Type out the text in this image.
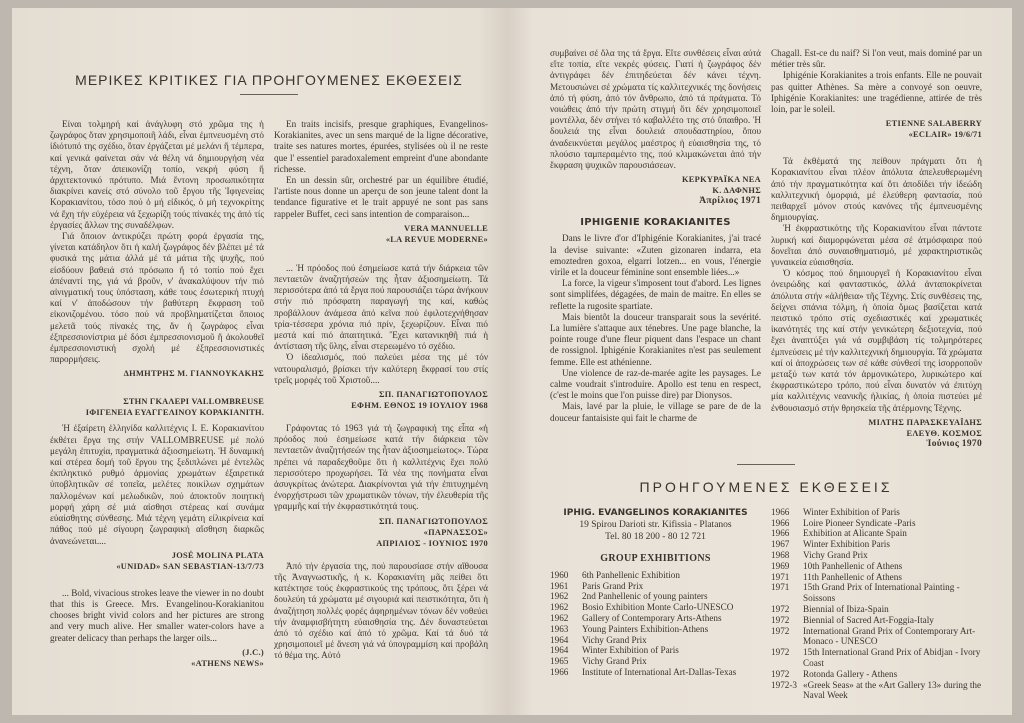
ΜΕΡΙΚΕΣ ΚΡΙΤΙΚΕΣ ΓΙΑ ΠΡΟΗΓΟΥΜΕΝΕΣ ΕΚΘΕΣΕΙΣ

Είναι τολμηρή καί ἀνάγλυφη στό χρῶμα της ἡ ζωγράφος ὅταν χρησιμοποιῆ λάδι, εἶναι ἐμπνευσμένη στό ἰδιότυπό της σχέδιο, ὅταν ἐργάζεται μέ μελάνι ἤ τέμπερα, καί γενικά φαίνεται σάν νά θέλη νά δημιουργήση νέα τέχνη, ὅταν ἀπεικονίζη τοπίο, νεκρή φύση ἤ ἀρχιτεκτονικό πρότυπο. Μιά ἔντονη προσωπικότητα διακρίνει κανείς στό σύνολο τοῦ ἔργου τῆς Ἰφιγενείας Κορακιανίτου, τόσο πού ὁ μή εἰδικός, ὁ μή τεχνοκρίτης νά ἔχη τήν εὐχέρεια νά ξεχωρίζη τούς πίνακές της ἀπό τίς ἐργασίες ἄλλων της συναδέλφων.

Γιά ὅποιον ἀντικρύζει πρώτη φορά ἐργασία της, γίνεται κατάδηλον ὅτι ἡ καλή ζωγράφος δέν βλέπει μέ τά φυσικά της μάτια ἀλλά μέ τά μάτια τῆς ψυχῆς, πού εἰσδύουν βαθειά στό πρόσωπο ἤ τό τοπίο πού ἔχει ἀπέναντί της, γιά νά βροῦν, ν' ἀνακαλύψουν τήν πιό αἰνιγματική τους ὑπόσταση, κάθε τους ἐσωτερική πτυχή καί ν' ἀποδώσουν τήν βαθύτερη ἔκφραση τοῦ εἰκονιζομένου. τόσο πού νά προβληματίζεται ὅποιος μελετᾶ τούς πίνακές της, ἄν ἡ ζωγράφος εἶναι ἐξπρεσσιονίστρια μέ δόσι ἐμπρεσσιονισμοῦ ἤ ἀκολουθεῖ ἐμπρεσσιονιστική σχολή μέ ἐξπρεσσιονιστικές παρορμήσεις.

ΔΗΜΗΤΡΗΣ Μ. ΓΙΑΝΝΟΥΚΑΚΗΣ
ΣΤΗΝ ΓΚΑΛΕΡΙ VALLOMBREUSE
ΙΦΙΓΕΝΕΙΑ ΕΥΑΓΓΕΛΙΝΟΥ ΚΟΡΑΚΙΑΝΙΤΗ.

Ἡ ἐξαίρετη ἑλληνίδα καλλιτέχνις Ι. Ε. Κορακιανίτου ἐκθέτει ἔργα της στήν VALLOMBREUSE μέ πολύ μεγάλη ἐπιτυχία, πραγματικά ἀξιοσημείωτη. Ἡ δυναμική καί στέρεα δομή τοῦ ἔργου της ξεδιπλώνει μέ ἐντελῶς ἐκπληκτικό ρυθμό ἁρμονίας χρωμάτων ἐξαιρετικά ὑποβλητικῶν σέ τοπεῖα, μελέτες ποικίλων σχημάτων παλλομένων καί μελωδικῶν, πού ἀποκτοῦν ποιητική μορφή χάρη σέ μιά αἰσθησι στέρεας καί συνάμα εὐαίσθητης σύνθεσης. Μιά τέχνη γεμάτη εἰλικρίνεια καί πάθος πού μέ σίγουρη ζωγραφική αἴσθηση διαρκῶς ἀνανεώνεται....

JOSÉ MOLINA PLATA
«UNIDAD» SAN SEBASTIAN-13/7/73

... Bold, vivacious strokes leave the viewer in no doubt that this is Greece. Mrs. Evangelinou-Korakianitou chooses bright vivid colors and her pictures are strong and very much alive. Her smaller water-colors have a greater delicacy than perhaps the larger oils...

(J.C.)
«ATHENS NEWS»

En traits incisifs, presque graphiques, Evangelinos-Korakianites, avec un sens marqué de la ligne décorative, traite ses natures mortes, épurées, stylisées où il ne reste que l' essentiel paradoxalement empreint d'une abondante richesse.

En un dessin sûr, orchestré par un équilibre étudié, l'artiste nous donne un aperçu de son jeune talent dont la tendance figurative et le trait appuyé ne sont pas sans rappeler Buffet, ceci sans intention de comparaison...

VERA MANNUELLE
«LA REVUE MODERNE»

... Ἡ πρόοδος πού ἐσημείωσε κατά τήν διάρκεια τῶν πενταετῶν ἀναζητήσεών της ἦταν ἀξιοσημείωτη. Τά περισσότερα ἀπό τά ἔργα πού παρουσιάζει τώρα ἀνήκουν στήν πιό πρόσφατη παραγωγή της καί, καθώς προβάλλουν ἀνάμεσα ἀπό κεῖνα πού ἐφιλοτεχνήθησαν τρία-τέσσερα χρόνια πιό πρίν, ξεχωρίζουν. Εἶναι πιό μεστά καί πιό ἀπαιτητικά. Ἔχει κατανικηθῆ πιά ἡ ἀντίσταση τῆς ὕλης, εἶναι στερεωμένο τό σχέδιο.

Ὁ ἰδεαλισμός, πού παλεύει μέσα της μέ τόν νατουραλισμό, βρίσκει τήν καλύτερη ἔκφρασί του στίς τρεῖς μορφές τοῦ Χριστοῦ....

ΣΠ. ΠΑΝΑΓΙΩΤΟΠΟΥΛΟΣ
ΕΦΗΜ. ΕΘΝΟΣ 19 ΙΟΥΛΙΟΥ 1968

Γράφοντας τό 1963 γιά τή ζωγραφική της εἶπα «ἡ πρόοδος πού ἐσημείωσε κατά τήν διάρκεια τῶν πενταετῶν ἀναζητήσεών της ἦταν ἀξιοσημείωτος». Τώρα πρέπει νά παραδεχθοῦμε ὅτι ἡ καλλιτέχνις ἔχει πολύ περισσότερο προχωρήσει. Τά νέα της πονήματα εἶναι ἀσυγκρίτως ἀνώτερα. Διακρίνονται γιά τήν ἐπιτυχημένη ἐνορχήστρωσι τῶν χρωματικῶν τόνων, τήν ἐλευθερία τῆς γραμμῆς καί τήν ἐκφραστικότητά τους.

ΣΠ. ΠΑΝΑΓΙΩΤΟΠΟΥΛΟΣ
«ΠΑΡΝΑΣΣΟΣ»
ΑΠΡΙΛΙΟΣ - ΙΟΥΝΙΟΣ 1970

Ἀπό τήν ἐργασία της, πού παρουσίασε στήν αἴθουσα τῆς Ἀναγνωστικῆς, ἡ κ. Κορακιανίτη μᾶς πείθει ὅτι κατέκτησε τούς ἐκφραστικούς της τρόπους, ὅτι ξέρει νά δουλεύη τά χρώματα μέ σιγουριά καί πειστικότητα, ὅτι ἡ ἀναζήτηση πολλές φορές ἀφηρημένων τόνων δέν νοθεύει τήν ἀναμφισβήτητη εὐαισθησία της. Δέν δυναστεύεται ἀπό τό σχέδιο καί ἀπό τό χρῶμα. Καί τά δυό τά χρησιμοποιεῖ μέ ἄνεση γιά νά ὑπογραμμίση καί προβάλη τό θέμα της. Αὐτό

συμβαίνει σέ ὅλα της τά ἔργα. Εἴτε συνθέσεις εἶναι αὐτά εἴτε τοπία, εἴτε νεκρές φύσεις. Γιατί ἡ ζωγράφος δέν ἀντιγράφει δέν ἐπιτηδεύεται δέν κάνει τέχνη. Μετουσιώνει σέ χρώματα τίς καλλιτεχνικές της δονήσεις ἀπό τή φύση, ἀπό τόν ἄνθρωπο, ἀπό τά πράγματα. Τό νοιώθεις ἀπό τήν πρώτη στιγμή ὅτι δέν χρησιμοποιεῖ μοντέλλα, δέν στήνει τό καβαλλέτο της στό ὕπαιθρο. Ἡ δουλειά της εἶναι δουλειά σπουδαστηρίου, ὅπου ἀναδεικνύεται μεγάλος μαέστρος ἡ εὐαισθησία της, τό πλούσιο ταμπεραμέντο της, πού κλιμακώνεται ἀπό τήν ἔκφραση ψυχικῶν παρουσιάσεων.

ΚΕΡΚΥΡΑΪΚΑ ΝΕΑ
Κ. ΔΑΦΝΗΣ
Ἀπρίλιος 1971
IPHIGENIE KORAKIANITES

Dans le livre d'or d'Iphigénie Korakianites, j'ai tracé la devise suivante: «Zuten gizonaren indarra, eta emoztedren goxoa, elgarri lotzen... en vous, l'énergie virile et la douceur féminine sont ensemble liées...»

La force, la vigeur s'imposent tout d'abord. Les lignes sont simplifées, dégagées, de main de maitre. En elles se reflette la rugosite spartiate.

Mais bientôt la douceur transparait sous la sevérité. La lumière s'attaque aux ténebres. Une page blanche, la pointe rouge d'une fleur piquent dans l'espace un chant de rossignol. Iphigénie Korakianites n'est pas seulement femme. Elle est athénienne.

Une violence de raz-de-marée agite les paysages. Le calme voudrait s'introduire. Apollo est tenu en respect, (c'est le moins que l'on puisse dire) par Dionysos.

Mais, lavé par la pluie, le village se pare de de la douceur fantaisiste qui fait le charme de

Chagall. Est-ce du naif? Si l'on veut, mais dominé par un métier très sûr.

Iphigénie Korakianites a trois enfants. Elle ne pouvait pas quitter Athènes. Sa mère a convoyé son oeuvre, Iphigénie Korakianites: une tragédienne, attirée de très loin, par le soleil.

ETIENNE SALABERRY
«ECLAIR» 19/6/71

Τά ἐκθέματά της πείθουν πράγματι ὅτι ἡ Κορακιανίτου εἶναι πλέον ἀπόλυτα ἀπελευθερωμένη ἀπό τήν πραγματικότητα καί ὅτι ἀποδίδει τήν ἰδεώδη καλλιτεχνική ὀμορφιά, μέ ἐλεύθερη φαντασία, πού πειθαρχεῖ μόνον στούς κανόνες τῆς ἐμπνευσμένης δημιουργίας.

Ἡ ἐκφραστικότης τῆς Κορακιανίτου εἶναι πάντοτε λυρική καί διαμορφώνεται μέσα σέ ἀτμόσφαιρα πού δονεῖται ἀπό συναισθηματισμό, μέ χαρακτηριστικῶς γυναικεία εὐαισθησία.

Ὁ κόσμος πού δημιουργεῖ ἡ Κορακιανίτου εἶναι ὀνειρώδης καί φανταστικός, ἀλλά ἀνταποκρίνεται ἀπόλυτα στήν «ἀλήθεια» τῆς Τέχνης. Στίς συνθέσεις της, δείχνει σπάνια τόλμη, ἡ ὁποία ὅμως βασίζεται κατά πειστικό τρόπο στίς σχεδιαστικές καί χρωματικές ἱκανότητές της καί στήν γενικώτερη δεξιοτεχνία, πού ἔχει ἀναπτύξει γιά νά συμβιβάση τίς τολμηρότερες ἐμπνεύσεις μέ τήν καλλιτεχνική δημιουργία. Τά χρώματα καί οἱ ἀποχρώσεις των σέ κάθε σύνθεσί της ἰσορροποῦν μεταξύ των κατά τόν ἁρμονικώτερο, λυρικώτερο καί ἐκφραστικώτερο τρόπο, πού εἶναι δυνατόν νά ἐπιτύχη μία καλλιτέχνις νεανικῆς ἡλικίας, ἡ ὁποία πιστεύει μέ ἐνθουσιασμό στήν θρησκεία τῆς ἀτέρμονης Τέχνης.

ΜΙΛΤΗΣ ΠΑΡΑΣΚΕΥΑΪΔΗΣ
ΕΛΕΥΘ. ΚΟΣΜΟΣ
Ἰούνιος 1970
ΠΡΟΗΓΟΥΜΕΝΕΣ ΕΚΘΕΣΕΙΣ
IPHIG. EVANGELINOS KORAKIANITES
19 Spirou Darioti str. Kifissia - Platanos
Tel. 80 18 200 - 80 12 721
GROUP EXHIBITIONS
1960	6th Panhellenic Exhibition
1961	Paris Grand Prix
1962	2nd Panhellenic of young painters
1962	Bosio Exhibition Monte Carlo-UNESCO
1962	Gallery of Contemporary Arts-Athens
1963	Young Painters Exhibition-Athens
1964	Vichy Grand Prix
1964	Winter Exhibition of Paris
1965	Vichy Grand Prix
1966	Institute of International Art-Dallas-Texas
1966	Winter Exhibition of Paris
1966	Loire Pioneer Syndicate -Paris
1966	Exhibition at Alicante Spain
1967	Winter Exhibition Paris
1968	Vichy Grand Prix
1969	10th Panhellenic of Athens
1971	11th Panhellenic of Athens
1971	15th Grand Prix of International Painting -Soissons
1972	Biennial of Ibiza-Spain
1972	Biennial of Sacred Art-Foggia-Italy
1972	International Grand Prix of Contemporary Art-Monaco - UNESCO
1972	15th International Grand Prix of Abidjan - Ivory Coast
1972	Rotonda Gallery - Athens
1972-3 «Greek Seas» at the «Art Gallery 13» during the Naval Week
